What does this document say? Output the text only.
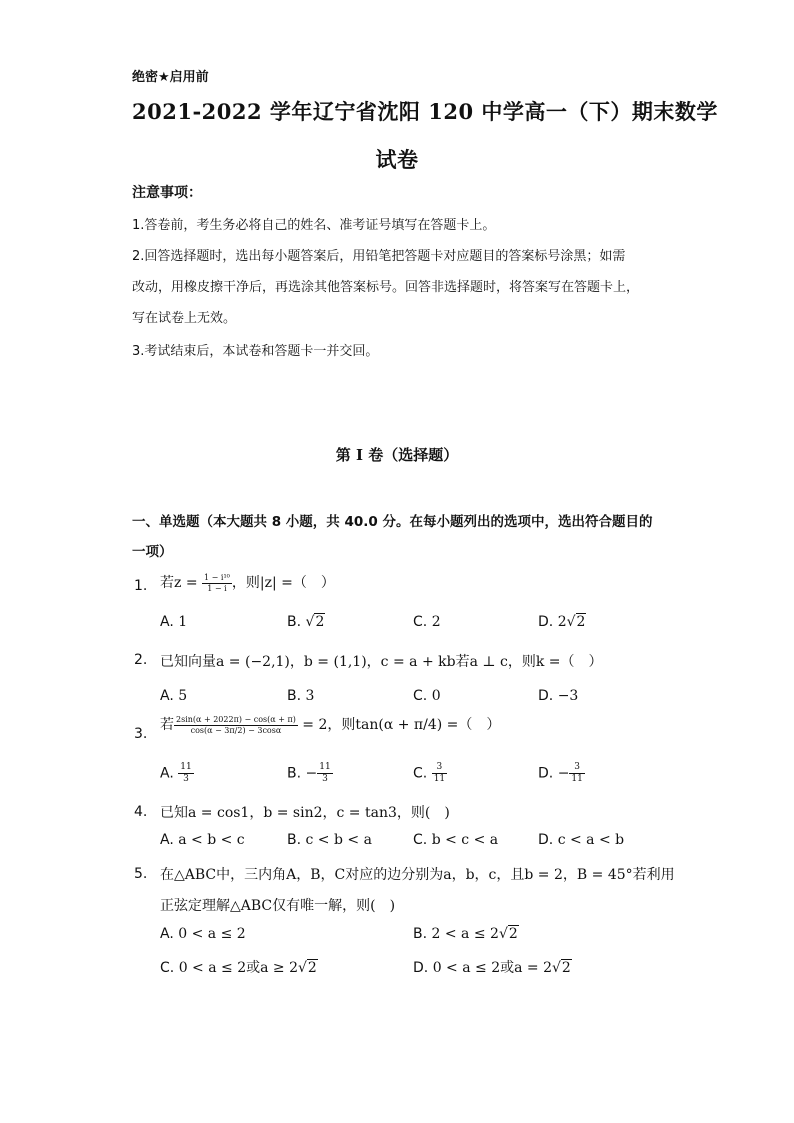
绝密★启用前
2021-2022 学年辽宁省沈阳 120 中学高一（下）期末数学
试卷
注意事项：
1.答卷前，考生务必将自己的姓名、准考证号填写在答题卡上。
2.回答选择题时，选出每小题答案后，用铅笔把答题卡对应题目的答案标号涂黑；如需
改动，用橡皮擦干净后，再选涂其他答案标号。回答非选择题时，将答案写在答题卡上，
写在试卷上无效。
3.考试结束后，本试卷和答题卡一并交回。
第 I 卷（选择题）
一、单选题（本大题共 8 小题，共 40.0 分。在每小题列出的选项中，选出符合题目的
一项）
1. 若$z = \frac{\text{1 − i¹⁰}}{1 - i}$ ，则|z| =（　）
A. 1	B. √2	C. 2	D. 2√2
2. 已知向量a = (−2,1)，b = (1,1)，c = a + kb若a ⊥ c，则k =（　）
A. 5	B. 3	C. 0	D. −3
3.
若 $\frac{2\sin(\alpha + 2022\pi) - \cos(\alpha + \pi)}{\cos(\alpha - 3\pi/2) - 3\cos\alpha} = 2$，则tan(α + π/4) =（　）
A. $\frac{11}{3}$	B. − $\frac{11}{3}$	C. $\frac{3}{11}$	D. − $\frac{3}{11}$
4. 已知a = cos1，b = sin2，c = tan3，则(　)
A. a < b < c	B. c < b < a	C. b < c < a	D. c < a < b
5. 在△ABC中，三内角A，B，C对应的边分别为a，b，c，且b = 2，B = 45°若利用
正弦定理解△ABC仅有唯一解，则(　)
A. 0 < a ≤ 2	B. 2 < a ≤ 2√2
C. 0 < a ≤ 2或a ≥ 2√2	D. 0 < a ≤ 2或a = 2√2
